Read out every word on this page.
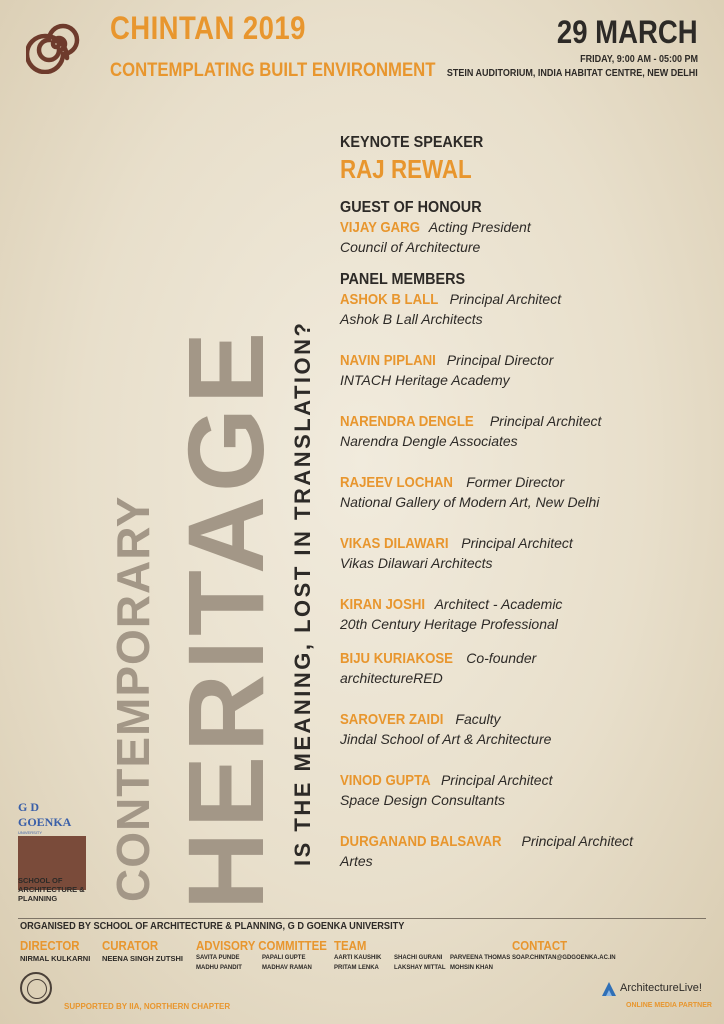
CHINTAN 2019
CONTEMPLATING BUILT ENVIRONMENT
29 MARCH
FRIDAY, 9:00 AM - 05:00 PM
STEIN AUDITORIUM, INDIA HABITAT CENTRE, NEW DELHI
KEYNOTE SPEAKER
RAJ REWAL
GUEST OF HONOUR
VIJAY GARG Acting President
Council of Architecture
PANEL MEMBERS
ASHOK B LALL Principal Architect
Ashok B Lall Architects
NAVIN PIPLANI Principal Director
INTACH Heritage Academy
NARENDRA DENGLE Principal Architect
Narendra Dengle Associates
RAJEEV LOCHAN Former Director
National Gallery of Modern Art, New Delhi
VIKAS DILAWARI Principal Architect
Vikas Dilawari Architects
KIRAN JOSHI Architect - Academic
20th Century Heritage Professional
BIJU KURIAKOSE Co-founder
architectureRED
SAROVER ZAIDI Faculty
Jindal School of Art & Architecture
VINOD GUPTA Principal Architect
Space Design Consultants
DURGANAND BALSAVAR Principal Architect
Artes
CONTEMPORARY HERITAGE IS THE MEANING, LOST IN TRANSLATION?
G D GOENKA
UNIVERSITY
SCHOOL OF ARCHITECTURE & PLANNING
ORGANISED BY SCHOOL OF ARCHITECTURE & PLANNING, G D GOENKA UNIVERSITY
DIRECTOR
NIRMAL KULKARNI
CURATOR
NEENA SINGH ZUTSHI
ADVISORY COMMITTEE
SAVITA PUNDE	PAPALI GUPTE
MADHU PANDIT	MADHAV RAMAN
TEAM
AARTI KAUSHIK	SHACHI GURANI	PARVEENA THOMAS
PRITAM LENKA	LAKSHAY MITTAL MOHSIN KHAN
CONTACT
SOAP.CHINTAN@GDGOENKA.AC.IN
SUPPORTED BY IIA, NORTHERN CHAPTER
ArchitectureLive!
ONLINE MEDIA PARTNER
